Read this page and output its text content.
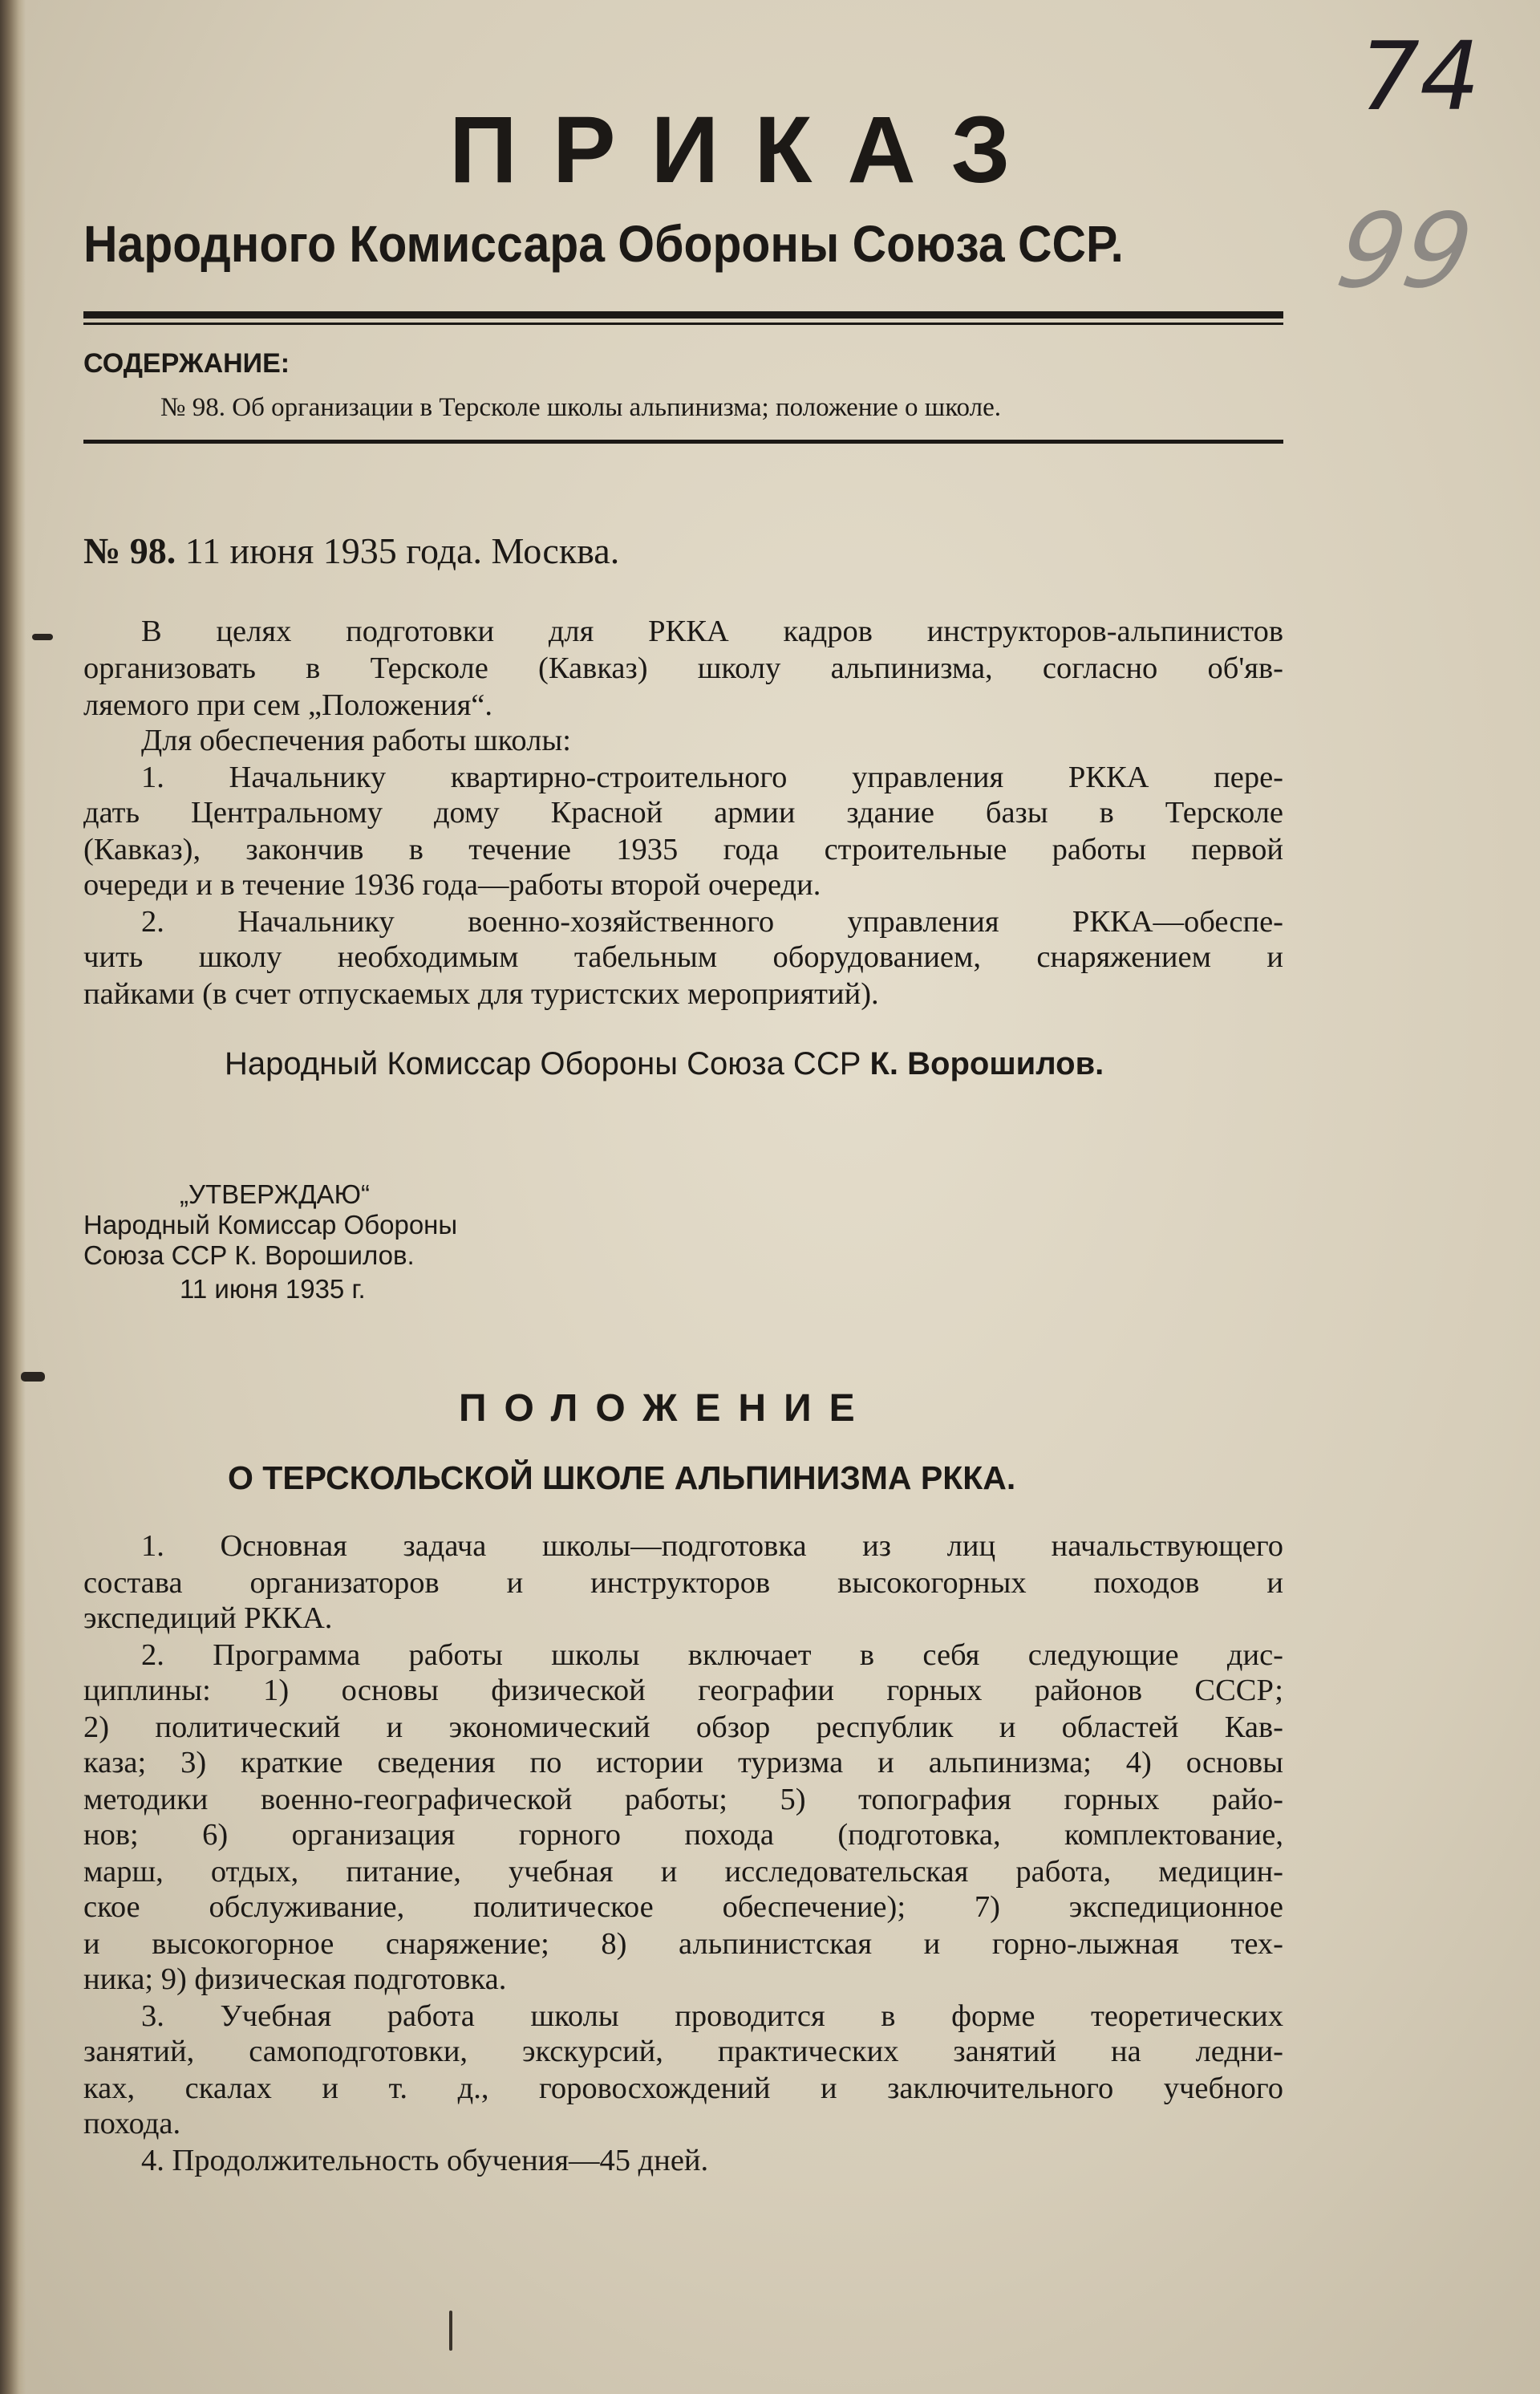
ПРИКАЗ
Народного Комиссара Обороны Союза ССР.
74
99
СОДЕРЖАНИЕ:
№ 98. Об организации в Терсколе школы альпинизма; положение о школе.
№ 98. 11 июня 1935 года. Москва.
В целях подготовки для РККА кадров инструкторов-альпинистов
организовать в Терсколе (Кавказ) школу альпинизма, согласно об'яв-
ляемого при сем „Положения“.
Для обеспечения работы школы:
1. Начальнику квартирно-строительного управления РККА пере-
дать Центральному дому Красной армии здание базы в Терсколе
(Кавказ), закончив в течение 1935 года строительные работы первой
очереди и в течение 1936 года—работы второй очереди.
2. Начальнику военно-хозяйственного управления РККА—обеспе-
чить школу необходимым табельным оборудованием, снаряжением и
пайками (в счет отпускаемых для туристских мероприятий).
Народный Комиссар Обороны Союза ССР К. Ворошилов.
„УТВЕРЖДАЮ“
Народный Комиссар Обороны
Союза ССР К. Ворошилов.
11 июня 1935 г.
ПОЛОЖЕНИЕ
О ТЕРСКОЛЬСКОЙ ШКОЛЕ АЛЬПИНИЗМА РККА.
1. Основная задача школы—подготовка из лиц начальствующего
состава организаторов и инструкторов высокогорных походов и
экспедиций РККА.
2. Программа работы школы включает в себя следующие дис-
циплины: 1) основы физической географии горных районов СССР;
2) политический и экономический обзор республик и областей Кав-
каза; 3) краткие сведения по истории туризма и альпинизма; 4) основы
методики военно-географической работы; 5) топография горных райо-
нов; 6) организация горного похода (подготовка, комплектование,
марш, отдых, питание, учебная и исследовательская работа, медицин-
ское обслуживание, политическое обеспечение); 7) экспедиционное
и высокогорное снаряжение; 8) альпинистская и горно-лыжная тех-
ника; 9) физическая подготовка.
3. Учебная работа школы проводится в форме теоретических
занятий, самоподготовки, экскурсий, практических занятий на ледни-
ках, скалах и т. д., горовосхождений и заключительного учебного
похода.
4. Продолжительность обучения—45 дней.
